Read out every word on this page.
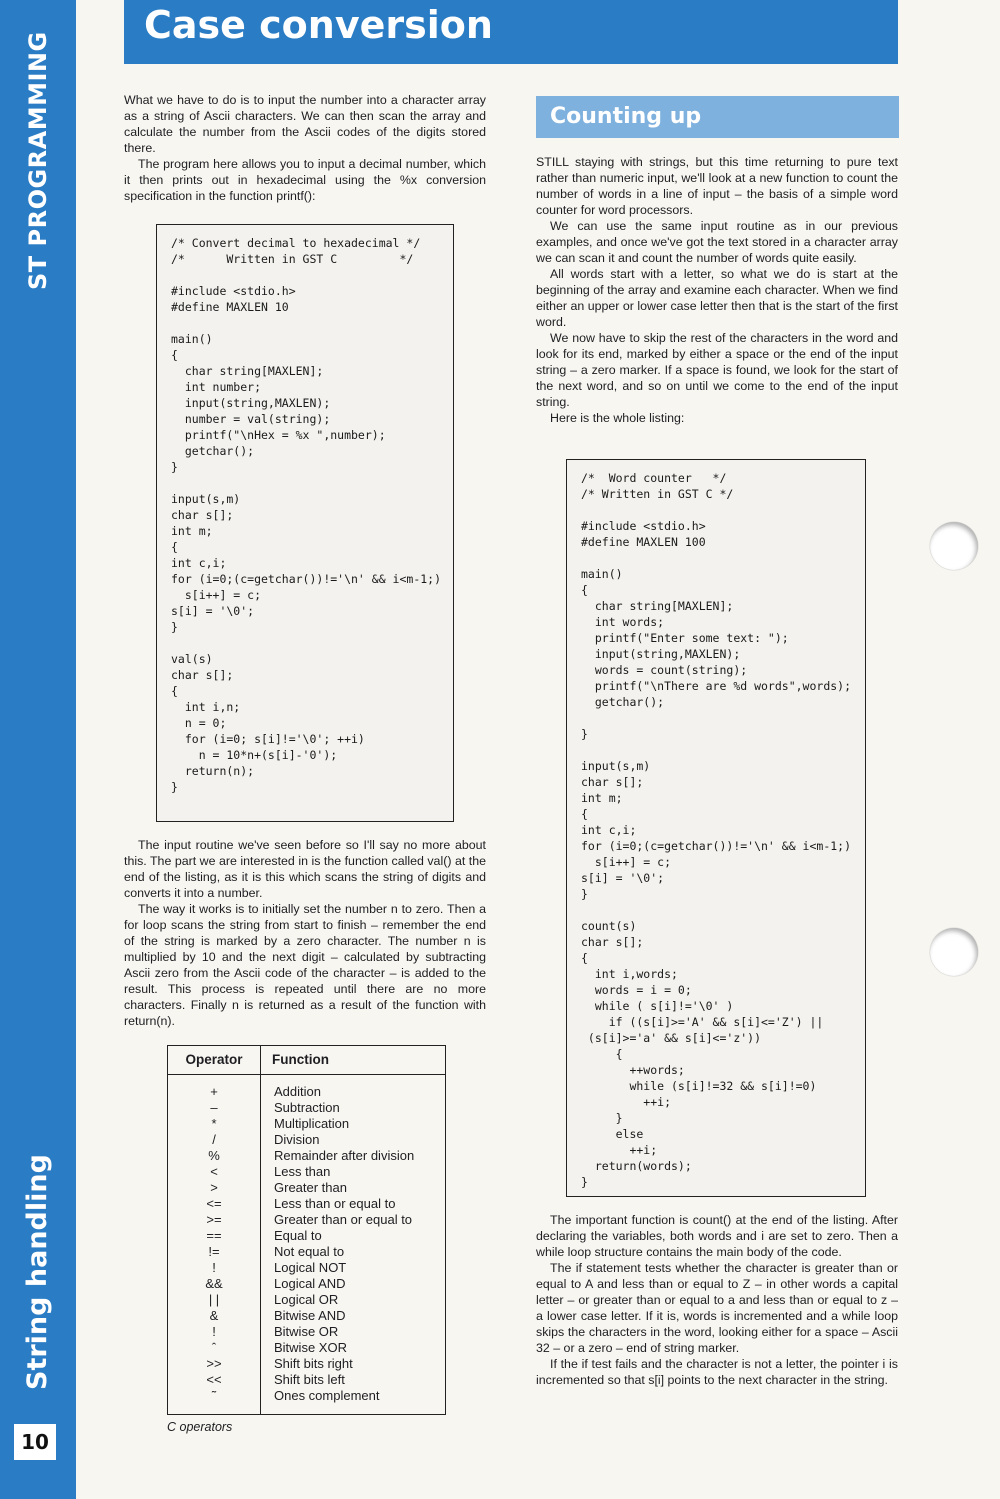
ST PROGRAMMING
String handling
10
Case conversion

What we have to do is to input the number into a character array as a string of Ascii characters. We can then scan the array and calculate the number from the Ascii codes of the digits stored there.

The program here allows you to input a decimal number, which it then prints out in hexadecimal using the %x conversion specification in the function printf():

/* Convert decimal to hexadecimal */
/*      Written in GST C         */

#include <stdio.h>
#define MAXLEN 10

main()
{
char string[MAXLEN];
int number;
input(string,MAXLEN);
number = val(string);
printf("\nHex = %x ",number);
getchar();
}

input(s,m)
char s[];
int m;
{
int c,i;
for (i=0;(c=getchar())!='\n' && i<m-1;)
s[i++] = c;
s[i] = '\0';
}

val(s)
char s[];
{
int i,n;
n = 0;
for (i=0; s[i]!='\0'; ++i)
n = 10*n+(s[i]-'0');
return(n);
}

The input routine we've seen before so I'll say no more about this. The part we are interested in is the function called val() at the end of the listing, as it is this which scans the string of digits and converts it into a number.

The way it works is to initially set the number n to zero. Then a for loop scans the string from start to finish – remember the end of the string is marked by a zero character. The number n is multiplied by 10 and the next digit – calculated by subtracting Ascii zero from the Ascii code of the character – is added to the result. This process is repeated until there are no more characters. Finally n is returned as a result of the function with return(n).

Operator	Function
+
–
*
/
%
<
>
<=
>=
==
!=
!
&&
| |
&
!
ˆ
>>
<<
˜
Addition
Subtraction
Multiplication
Division
Remainder after division
Less than
Greater than
Less than or equal to
Greater than or equal to
Equal to
Not equal to
Logical NOT
Logical AND
Logical OR
Bitwise AND
Bitwise OR
Bitwise XOR
Shift bits right
Shift bits left
Ones complement
C operators
Counting up

STILL staying with strings, but this time returning to pure text rather than numeric input, we'll look at a new function to count the number of words in a line of input – the basis of a simple word counter for word processors.

We can use the same input routine as in our previous examples, and once we've got the text stored in a character array we can scan it and count the number of words quite easily.

All words start with a letter, so what we do is start at the beginning of the array and examine each character. When we find either an upper or lower case letter then that is the start of the first word.

We now have to skip the rest of the characters in the word and look for its end, marked by either a space or the end of the input string – a zero marker. If a space is found, we look for the start of the next word, and so on until we come to the end of the input string.

Here is the whole listing:

/*  Word counter   */
/* Written in GST C */

#include <stdio.h>
#define MAXLEN 100

main()
{
char string[MAXLEN];
int words;
printf("Enter some text: ");
input(string,MAXLEN);
words = count(string);
printf("\nThere are %d words",words);
getchar();

}

input(s,m)
char s[];
int m;
{
int c,i;
for (i=0;(c=getchar())!='\n' && i<m-1;)
s[i++] = c;
s[i] = '\0';
}

count(s)
char s[];
{
int i,words;
words = i = 0;
while ( s[i]!='\0' )
if ((s[i]>='A' && s[i]<='Z') ||
(s[i]>='a' && s[i]<='z'))
{
++words;
while (s[i]!=32 && s[i]!=0)
++i;
}
else
++i;
return(words);
}

The important function is count() at the end of the listing. After declaring the variables, both words and i are set to zero. Then a while loop structure contains the main body of the code.

The if statement tests whether the character is greater than or equal to A and less than or equal to Z – in other words a capital letter – or greater than or equal to a and less than or equal to z – a lower case letter. If it is, words is incremented and a while loop skips the characters in the word, looking either for a space – Ascii 32 – or a zero – end of string marker.

If the if test fails and the character is not a letter, the pointer i is incremented so that s[i] points to the next character in the string.
